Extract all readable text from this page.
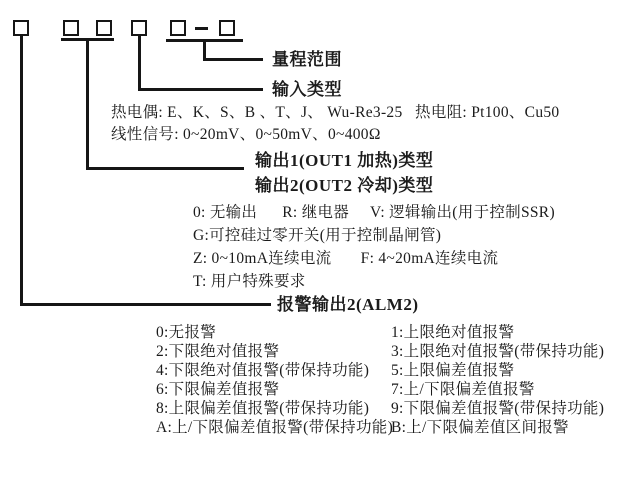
量程范围
输入类型
热电偶: E、K、S、B 、T、J、 Wu-Re3-25   热电阻: Pt100、Cu50
线性信号: 0~20mV、0~50mV、0~400Ω
输出1(OUT1 加热)类型
输出2(OUT2 冷却)类型
0: 无输出      R: 继电器     V: 逻辑输出(用于控制SSR)
G:可控硅过零开关(用于控制晶闸管)
Z: 0~10mA连续电流       F: 4~20mA连续电流
T: 用户特殊要求
报警输出2(ALM2)
0:无报警
2:下限绝对值报警
4:下限绝对值报警(带保持功能)
6:下限偏差值报警
8:上限偏差值报警(带保持功能)
A:上/下限偏差值报警(带保持功能)
1:上限绝对值报警
3:上限绝对值报警(带保持功能)
5:上限偏差值报警
7:上/下限偏差值报警
9:下限偏差值报警(带保持功能)
B:上/下限偏差值区间报警
